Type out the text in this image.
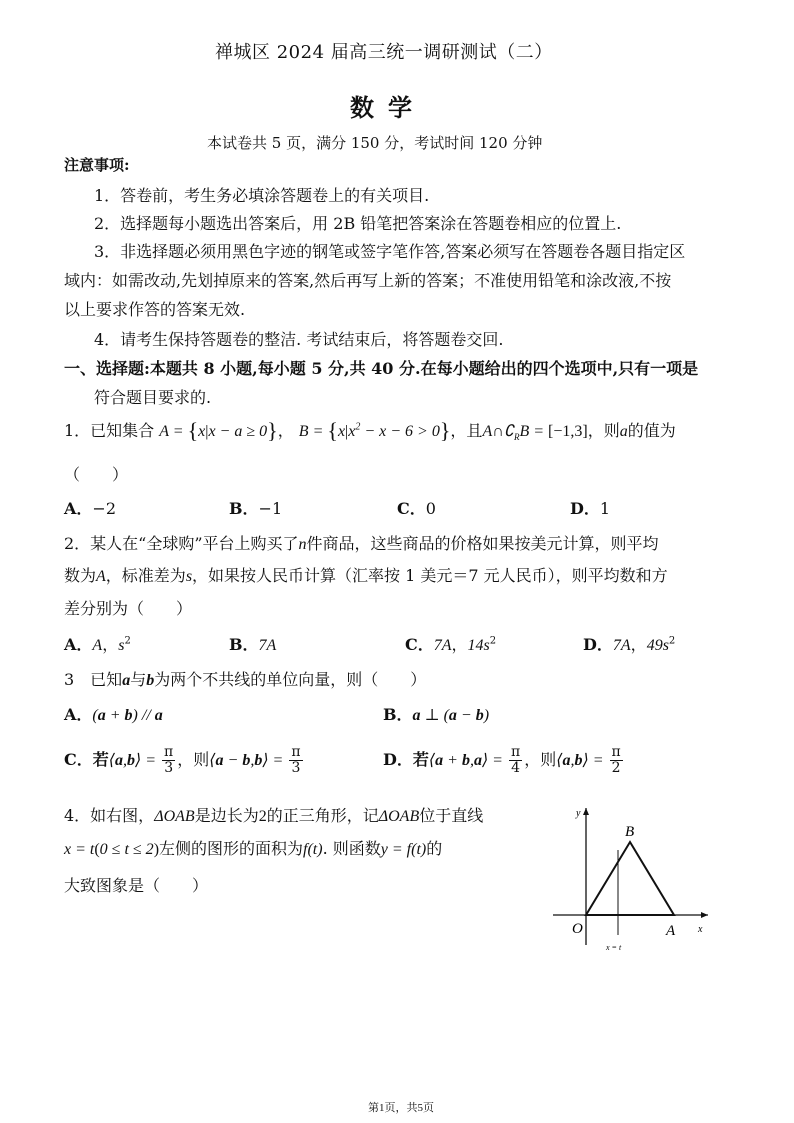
禅城区 2024 届高三统一调研测试（二）
数学
本试卷共 5 页，满分 150 分，考试时间 120 分钟
注意事项:
1．答卷前，考生务必填涂答题卷上的有关项目.
2．选择题每小题选出答案后，用 2B 铅笔把答案涂在答题卷相应的位置上.
3．非选择题必须用黑色字迹的钢笔或签字笔作答,答案必须写在答题卷各题目指定区
域内：如需改动,先划掉原来的答案,然后再写上新的答案；不准使用铅笔和涂改液,不按
以上要求作答的答案无效.
4．请考生保持答题卷的整洁. 考试结束后，将答题卷交回.
一、选择题:本题共 8 小题,每小题 5 分,共 40 分.在每小题给出的四个选项中,只有一项是
符合题目要求的.
1．已知集合 A = {x|x − a ≥ 0}， $B = \{x|x^2 - x - 6 > 0\}$，且$A\cap∁_RB = [-1,3]$，则a的值为
（　　）
A．−2	B．−1	C．0	D．1
2．某人在“全球购”平台上购买了n件商品，这些商品的价格如果按美元计算，则平均
数为A，标准差为s，如果按人民币计算（汇率按 1 美元＝7 元人民币），则平均数和方
差分别为（　　）
A．A，$s^2$	B．7A	C．7A，$14s^2$	D．7A，$49s^2$
3　已知a与b为两个不共线的单位向量，则（　　）
A．(a + b) // a	B．a ⊥ (a − b)
C．若⟨a,b⟩ = $\frac{\pi}{3}$ ，则⟨a − b,b⟩ = $\frac{\pi}{3}$	D．若⟨a + b,a⟩ = $\frac{\pi}{4}$ ，则⟨a,b⟩ = $\frac{\pi}{2}$
4．如右图，ΔOAB是边长为2的正三角形，记ΔOAB位于直线
x = t(0 ≤ t ≤ 2)左侧的图形的面积为f(t). 则函数y = f(t)的
大致图象是（　　）
y
x
O	A
B
x = t
第1页，共5页
